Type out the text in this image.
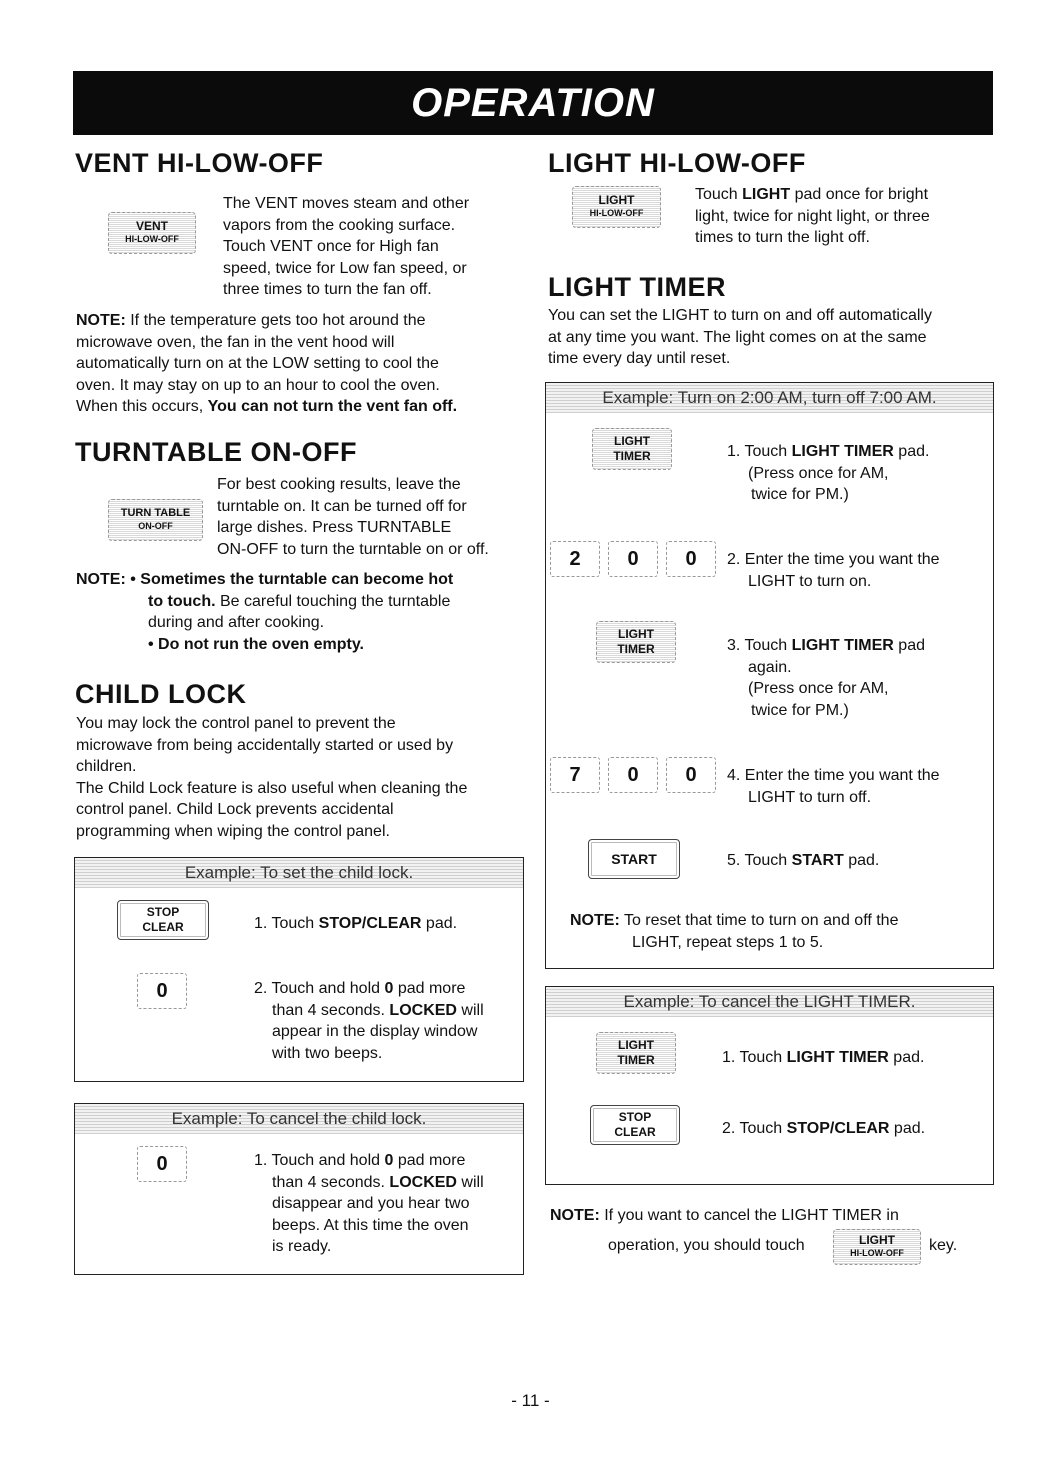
OPERATION
VENT HI-LOW-OFF
VENT
HI-LOW-OFF
The VENT moves steam and other
vapors from the cooking surface.
Touch VENT once for High fan
speed, twice for Low fan speed, or
three times to turn the fan off.
NOTE: If the temperature gets too hot around the
microwave oven, the fan in the vent hood will
automatically turn on at the LOW setting to cool the
oven. It may stay on up to an hour to cool the oven.
When this occurs, You can not turn the vent fan off.
TURNTABLE ON-OFF
TURN TABLE
ON-OFF
For best cooking results, leave the
turntable on. It can be turned off for
large dishes. Press TURNTABLE
ON-OFF to turn the turntable on or off.
NOTE: • Sometimes the turntable can become hot
to touch. Be careful touching the turntable
during and after cooking.
• Do not run the oven empty.
CHILD LOCK
You may lock the control panel to prevent the
microwave from being accidentally started or used by
children.
The Child Lock feature is also useful when cleaning the
control panel. Child Lock prevents accidental
programming when wiping the control panel.
Example: To set the child lock.
STOP
CLEAR	1. Touch STOP/CLEAR pad.
0	2. Touch and hold 0 pad more
than 4 seconds. LOCKED will
appear in the display window
with two beeps.
Example: To cancel the child lock.
0	1. Touch and hold 0 pad more
than 4 seconds. LOCKED will
disappear and you hear two
beeps. At this time the oven
is ready.
LIGHT HI-LOW-OFF
LIGHT
HI-LOW-OFF
Touch LIGHT pad once for bright
light, twice for night light, or three
times to turn the light off.
LIGHT TIMER
You can set the LIGHT to turn on and off automatically
at any time you want. The light comes on at the same
time every day until reset.
Example: Turn on 2:00 AM, turn off 7:00 AM.
LIGHT
TIMER	1. Touch LIGHT TIMER pad.
(Press once for AM,
twice for PM.)
2	0	0	2. Enter the time you want the
LIGHT to turn on.
LIGHT
TIMER	3. Touch LIGHT TIMER pad
again.
(Press once for AM,
twice for PM.)
7	0	0	4. Enter the time you want the
LIGHT to turn off.
START	5. Touch START pad.
NOTE: To reset that time to turn on and off the
LIGHT, repeat steps 1 to 5.
Example: To cancel the LIGHT TIMER.
LIGHT
TIMER	1. Touch LIGHT TIMER pad.
STOP
CLEAR	2. Touch STOP/CLEAR pad.
NOTE: If you want to cancel the LIGHT TIMER in
operation, you should touch	LIGHT
HI-LOW-OFF	key.
- 11 -
